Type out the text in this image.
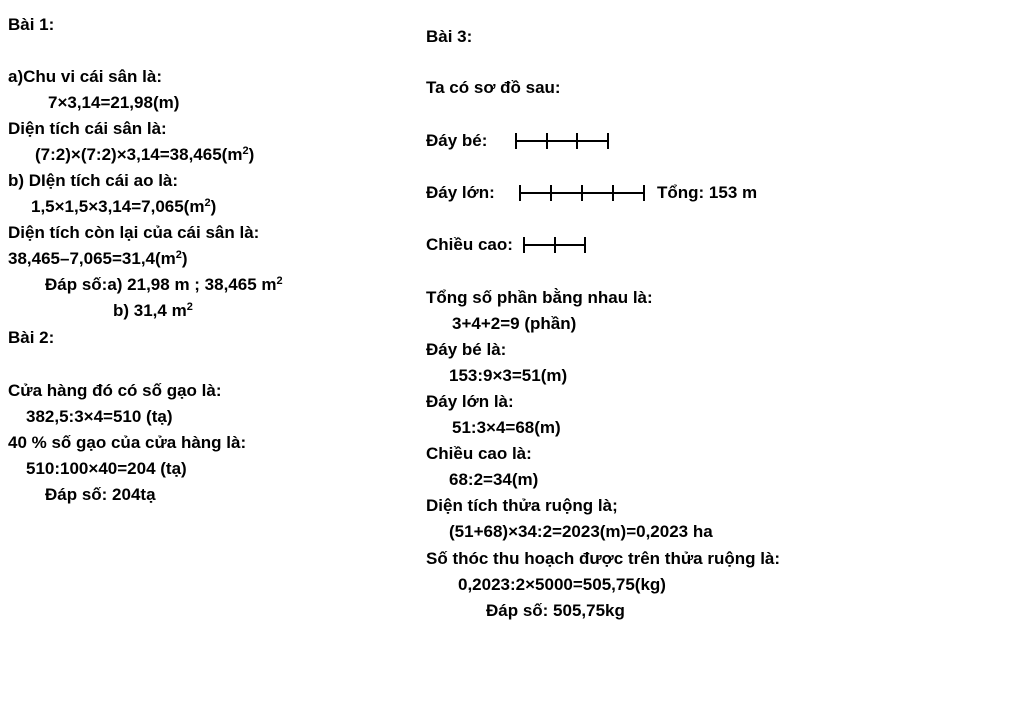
Bài 1:
a)Chu vi cái sân là:
7×3,14=21,98(m)
Diện tích cái sân là:
$(7:2)\times(7:2)\times 3,14=38,465(m^2)$
b) DIện tích cái ao là:
$1,5\times 1,5\times 3,14=7,065(m^2)$
Diện tích còn lại của cái sân là:
$38,465-7,065=31,4(m^2)$
Đáp số:a) 21,98 m ; 38,465 $m^2$
b) 31,4 $m^2$
Bài 2:
Cửa hàng đó có số gạo là:
382,5:3×4=510 (tạ)
40 % số gạo của cửa hàng là:
510:100×40=204 (tạ)
Đáp số: 204tạ
Bài 3:
Ta có sơ đồ sau:
Đáy bé:
Đáy lớn:	Tổng: 153 m
Chiều cao:
Tổng số phần bằng nhau là:
3+4+2=9 (phần)
Đáy bé là:
153:9×3=51(m)
Đáy lớn là:
51:3×4=68(m)
Chiều cao là:
68:2=34(m)
Diện tích thửa ruộng là;
(51+68)×34:2=2023(m)=0,2023 ha
Số thóc thu hoạch được trên thửa ruộng là:
0,2023:2×5000=505,75(kg)
Đáp số: 505,75kg
